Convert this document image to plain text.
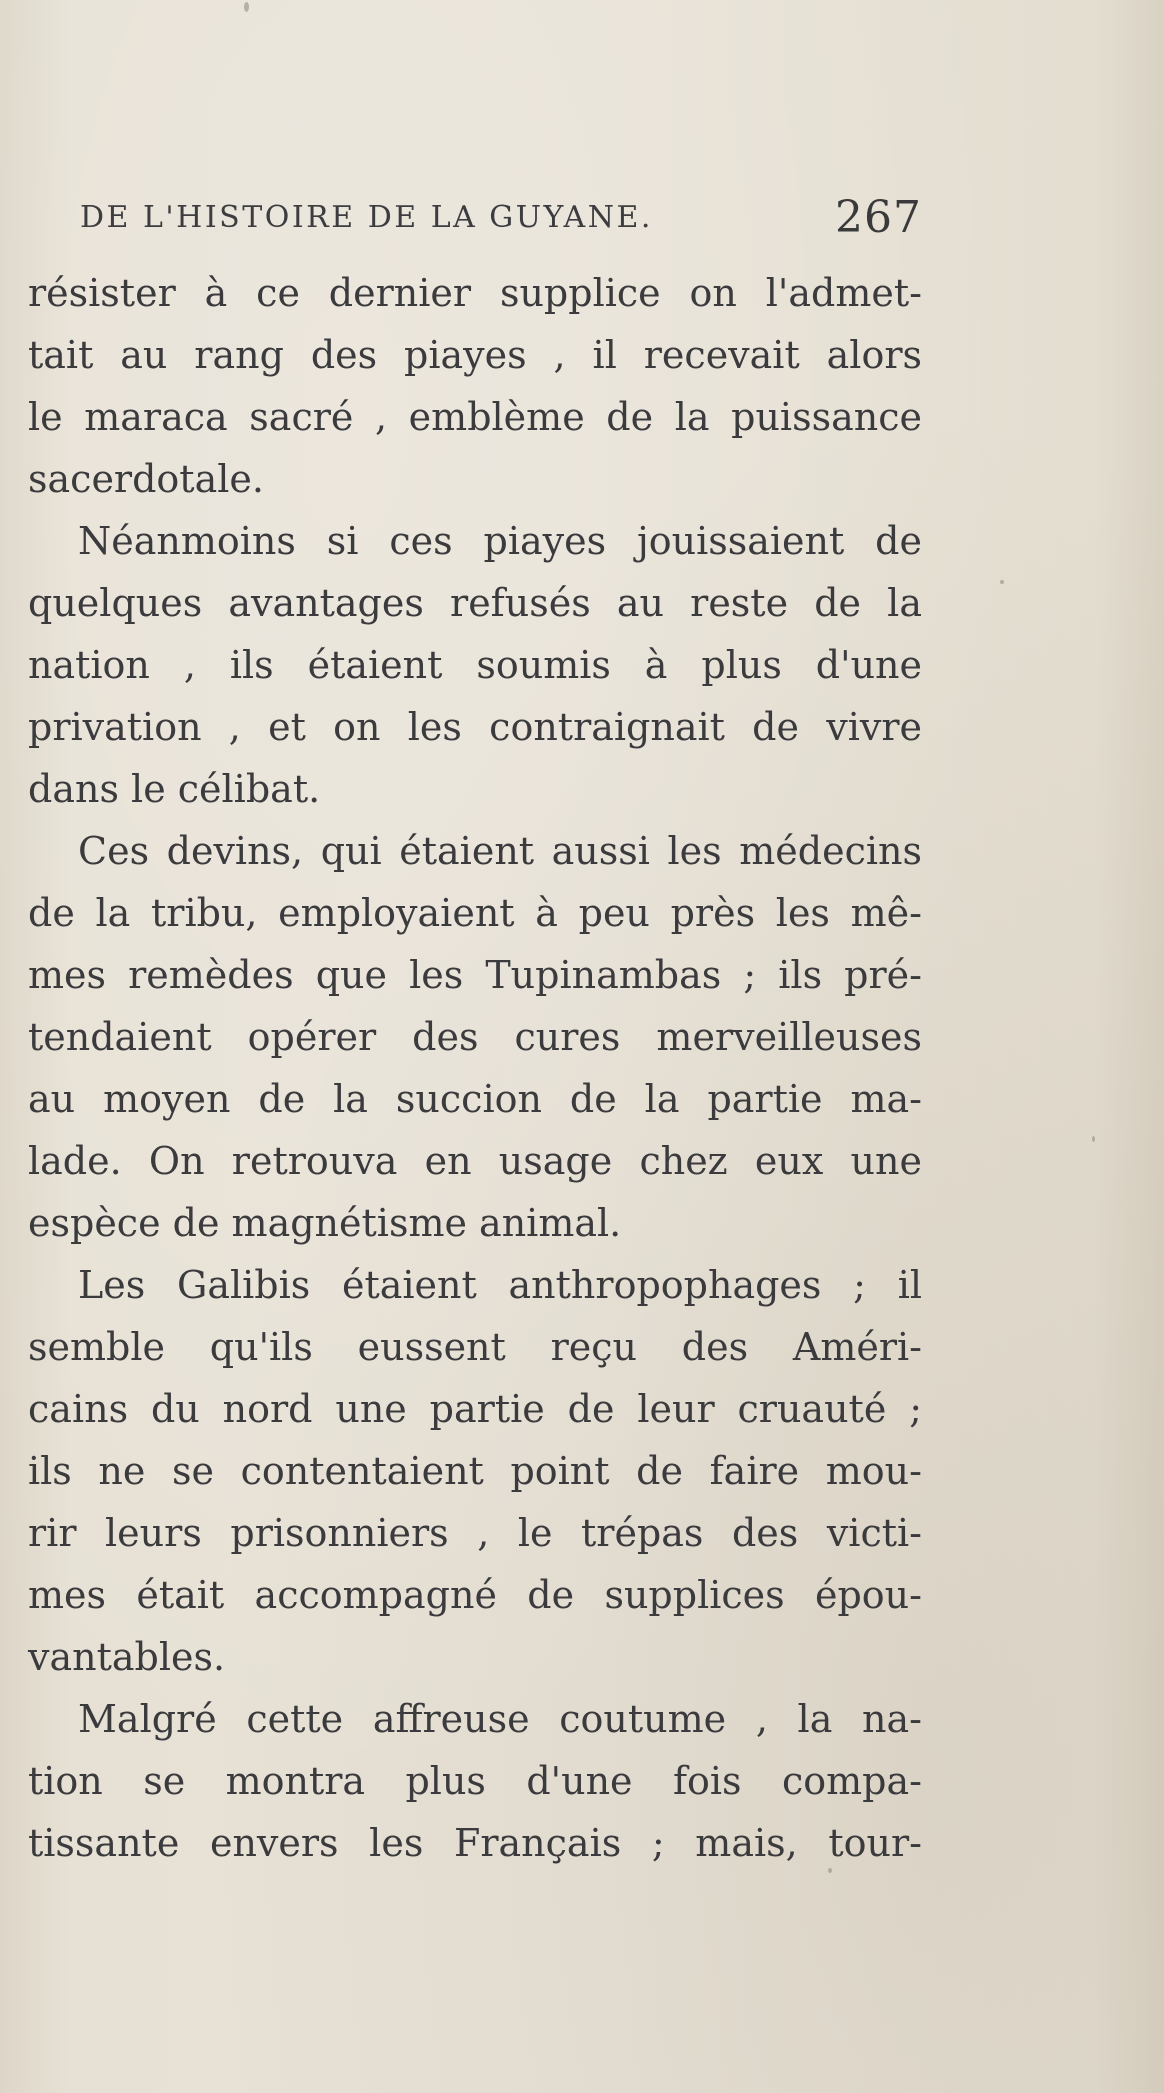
DE L'HISTOIRE DE LA GUYANE.	267
résister à ce dernier supplice on l'admet-
tait au rang des piayes , il recevait alors
le maraca sacré , emblème de la puissance
sacerdotale.
Néanmoins si ces piayes jouissaient de
quelques avantages refusés au reste de la
nation , ils étaient soumis à plus d'une
privation , et on les contraignait de vivre
dans le célibat.
Ces devins, qui étaient aussi les médecins
de la tribu, employaient à peu près les mê-
mes remèdes que les Tupinambas ; ils pré-
tendaient opérer des cures merveilleuses
au moyen de la succion de la partie ma-
lade. On retrouva en usage chez eux une
espèce de magnétisme animal.
Les Galibis étaient anthropophages ; il
semble qu'ils eussent reçu des Améri-
cains du nord une partie de leur cruauté ;
ils ne se contentaient point de faire mou-
rir leurs prisonniers , le trépas des victi-
mes était accompagné de supplices épou-
vantables.
Malgré cette affreuse coutume , la na-
tion se montra plus d'une fois compa-
tissante envers les Français ; mais, tour-
